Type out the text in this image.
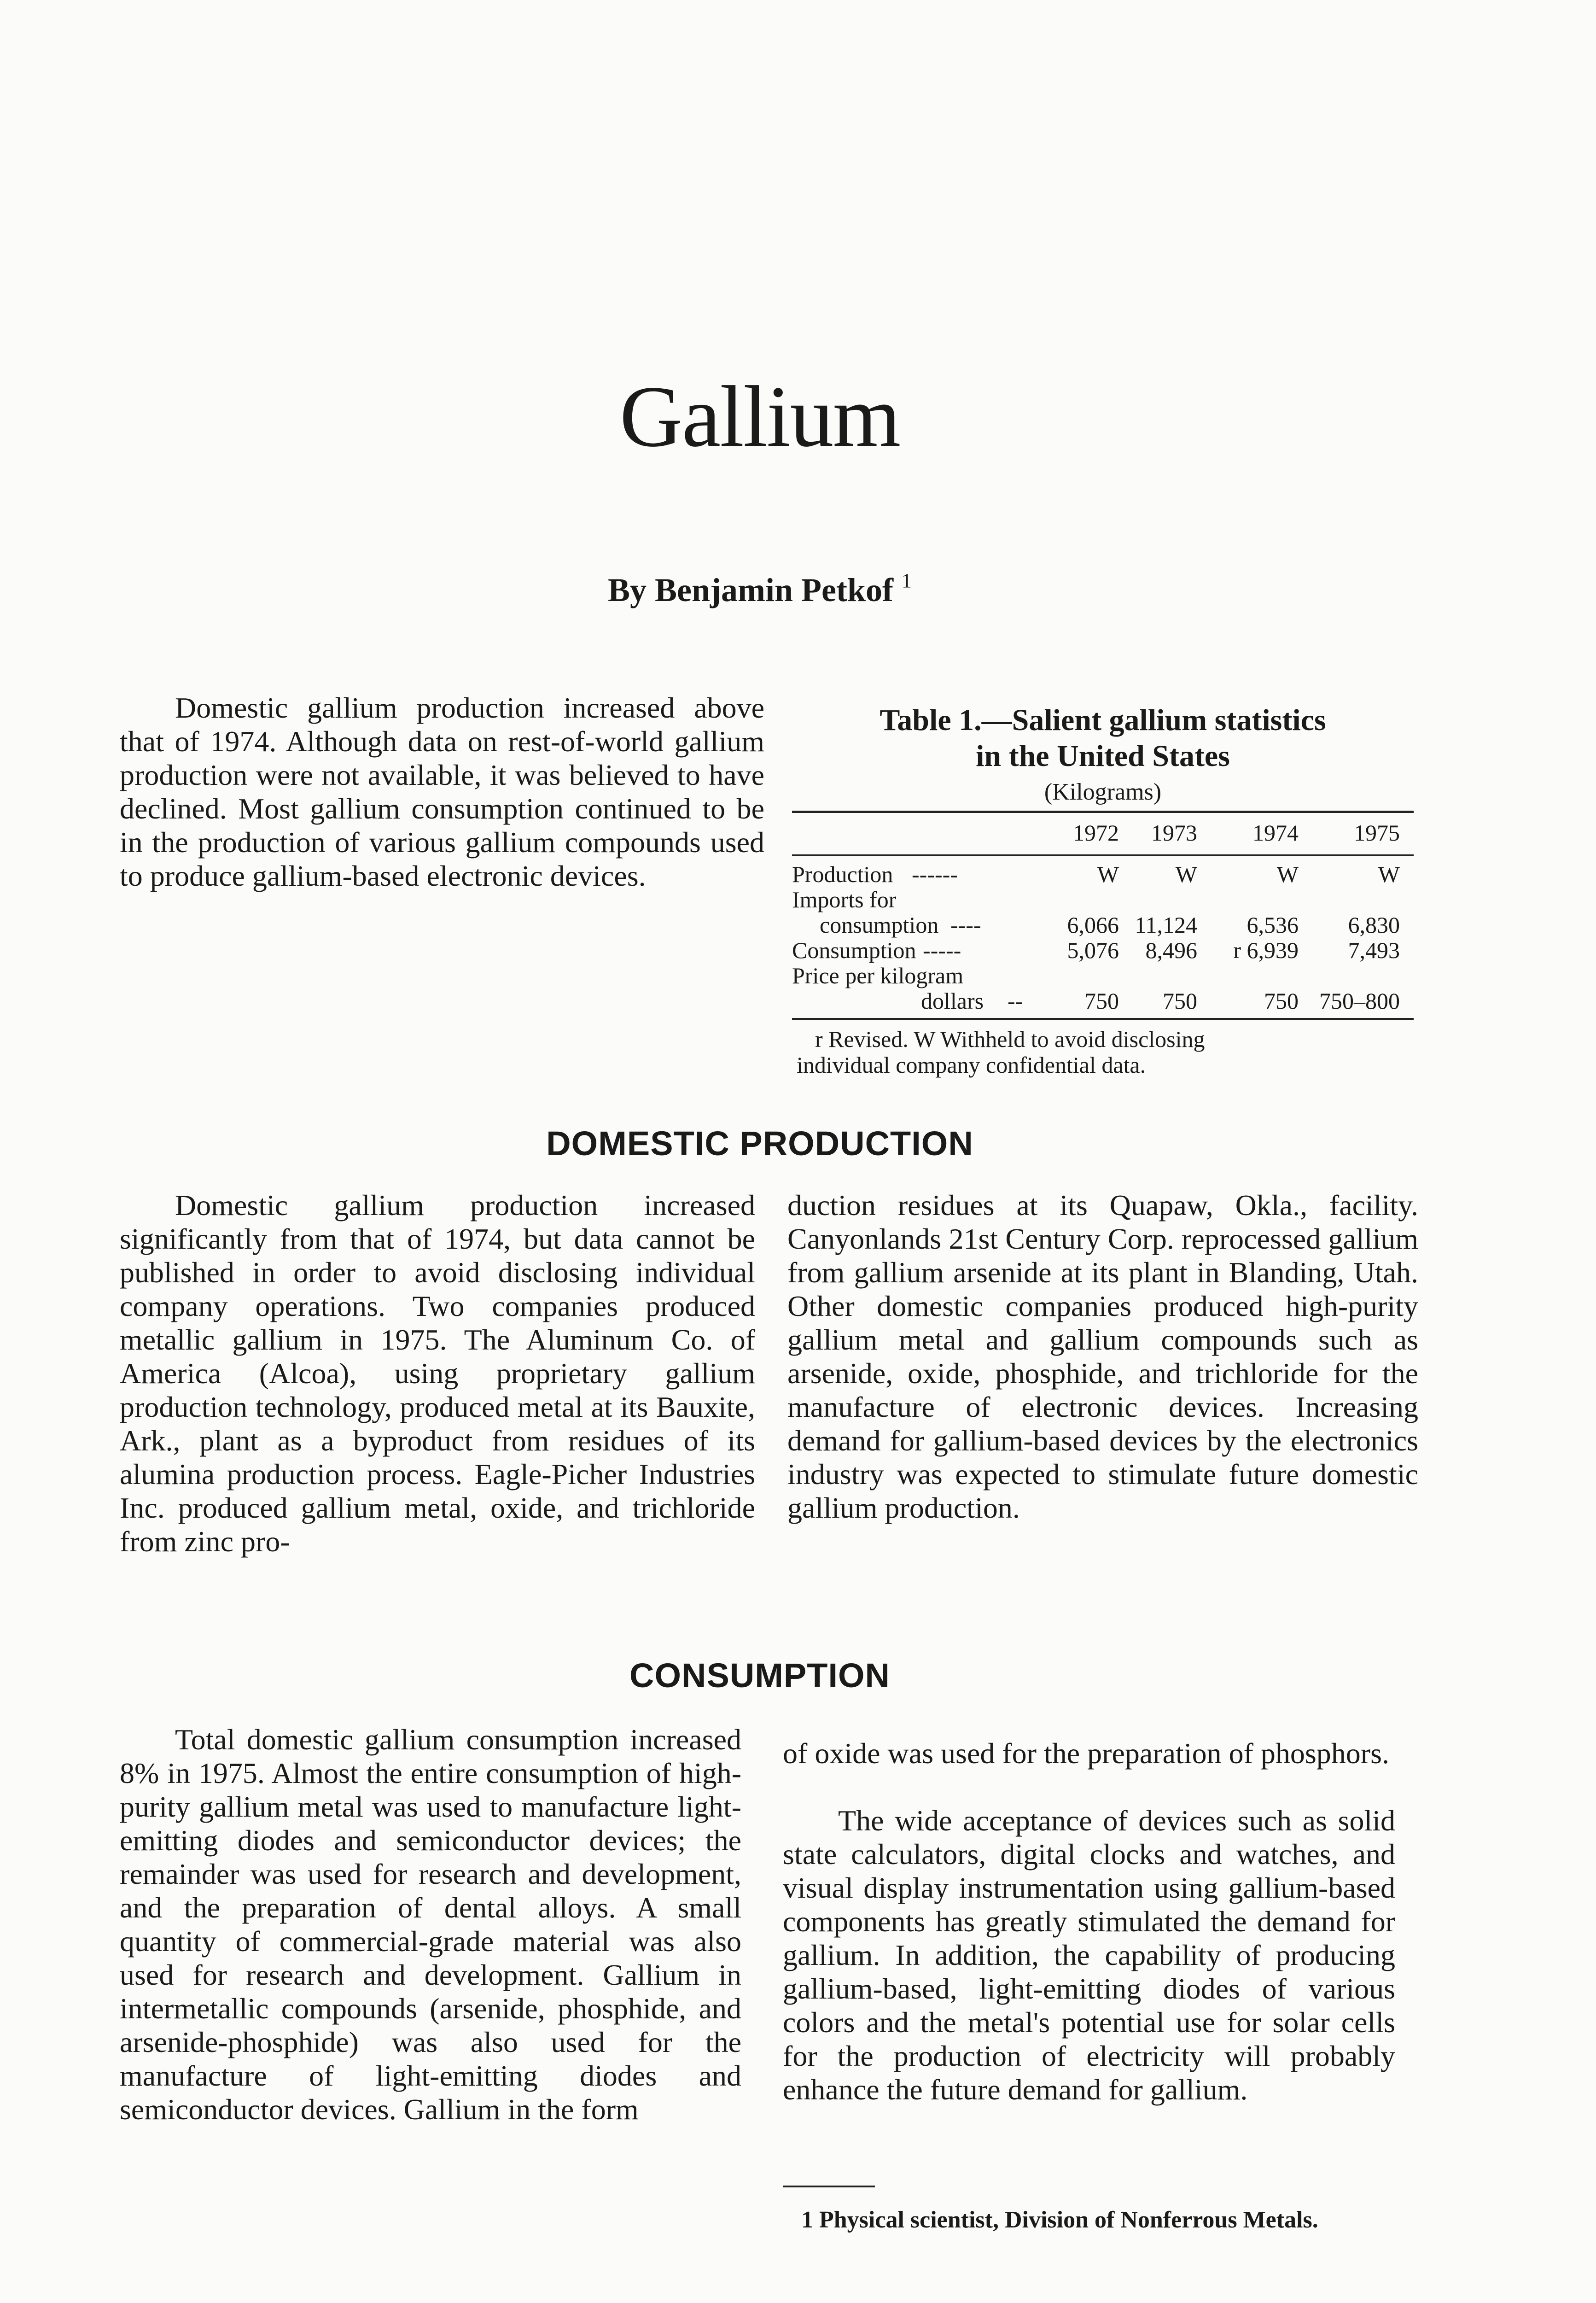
Gallium
By Benjamin Petkof $^1$

Domestic gallium production increased above that of 1974. Although data on rest-of-world gallium production were not available, it was believed to have declined. Most gallium consumption continued to be in the production of various gallium compounds used to produce gallium-based electronic devices.

Table 1.—Salient gallium statistics
in the United States
(Kilograms)
1972	1973	1974	1975
Production ------	W W	W	W
Imports for
consumption ----	6,066 11,124 6,536 6,830
Consumption -----	5,076 8,496 r 6,939 7,493
Price per kilogram
dollars --	750 750	750 750–800
r Revised. W Withheld to avoid disclosing
individual company confidential data.
DOMESTIC PRODUCTION

Domestic gallium production increased significantly from that of 1974, but data cannot be published in order to avoid disclosing individual company operations. Two companies produced metallic gallium in 1975. The Aluminum Co. of America (Alcoa), using proprietary gallium production technology, produced metal at its Bauxite, Ark., plant as a byproduct from residues of its alumina production process. Eagle-Picher Industries Inc. produced gallium metal, oxide, and trichloride from zinc pro-

duction residues at its Quapaw, Okla., facility. Canyonlands 21st Century Corp. reprocessed gallium from gallium arsenide at its plant in Blanding, Utah. Other domestic companies produced high-purity gallium metal and gallium compounds such as arsenide, oxide, phosphide, and trichloride for the manufacture of electronic devices. Increasing demand for gallium-based devices by the electronics industry was expected to stimulate future domestic gallium production.

CONSUMPTION

Total domestic gallium consumption increased 8% in 1975. Almost the entire consumption of high-purity gallium metal was used to manufacture light-emitting diodes and semiconductor devices; the remainder was used for research and development, and the preparation of dental alloys. A small quantity of commercial-grade material was also used for research and development. Gallium in intermetallic compounds (arsenide, phosphide, and arsenide-phosphide) was also used for the manufacture of light-emitting diodes and semiconductor devices. Gallium in the form

of oxide was used for the preparation of phosphors.

The wide acceptance of devices such as solid state calculators, digital clocks and watches, and visual display instrumentation using gallium-based components has greatly stimulated the demand for gallium. In addition, the capability of producing gallium-based, light-emitting diodes of various colors and the metal's potential use for solar cells for the production of electricity will probably enhance the future demand for gallium.

1 Physical scientist, Division of Nonferrous Metals.
